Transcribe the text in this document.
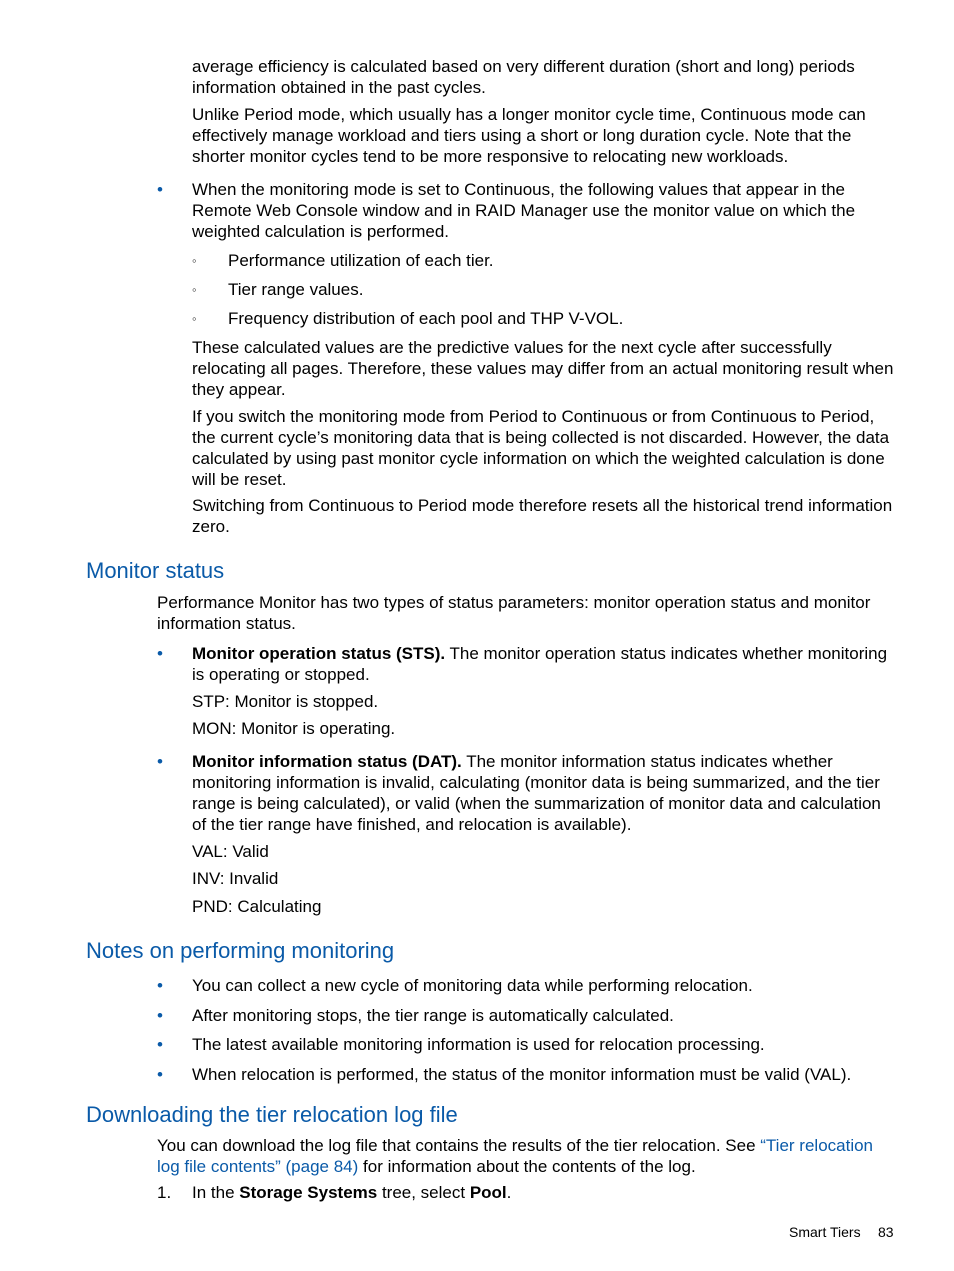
average efficiency is calculated based on very different duration (short and long) periods information obtained in the past cycles.

Unlike Period mode, which usually has a longer monitor cycle time, Continuous mode can effectively manage workload and tiers using a short or long duration cycle. Note that the shorter monitor cycles tend to be more responsive to relocating new workloads.

• When the monitoring mode is set to Continuous, the following values that appear in the Remote Web Console window and in RAID Manager use the monitor value on which the weighted calculation is performed.

◦ Performance utilization of each tier.

◦ Tier range values.

◦ Frequency distribution of each pool and THP V-VOL.

These calculated values are the predictive values for the next cycle after successfully relocating all pages. Therefore, these values may differ from an actual monitoring result when they appear.

If you switch the monitoring mode from Period to Continuous or from Continuous to Period, the current cycle’s monitoring data that is being collected is not discarded. However, the data calculated by using past monitor cycle information on which the weighted calculation is done will be reset.

Switching from Continuous to Period mode therefore resets all the historical trend information zero.

Monitor status

Performance Monitor has two types of status parameters: monitor operation status and monitor information status.

• Monitor operation status (STS). The monitor operation status indicates whether monitoring is operating or stopped.

STP: Monitor is stopped.

MON: Monitor is operating.

• Monitor information status (DAT). The monitor information status indicates whether monitoring information is invalid, calculating (monitor data is being summarized, and the tier range is being calculated), or valid (when the summarization of monitor data and calculation of the tier range have finished, and relocation is available).

VAL: Valid

INV: Invalid

PND: Calculating

Notes on performing monitoring
• You can collect a new cycle of monitoring data while performing relocation.

• After monitoring stops, the tier range is automatically calculated.

• The latest available monitoring information is used for relocation processing.

• When relocation is performed, the status of the monitor information must be valid (VAL).

Downloading the tier relocation log file

You can download the log file that contains the results of the tier relocation. See “Tier relocation
log file contents” (page 84) for information about the contents of the log.

1. In the Storage Systems tree, select Pool.

Smart Tiers 83
